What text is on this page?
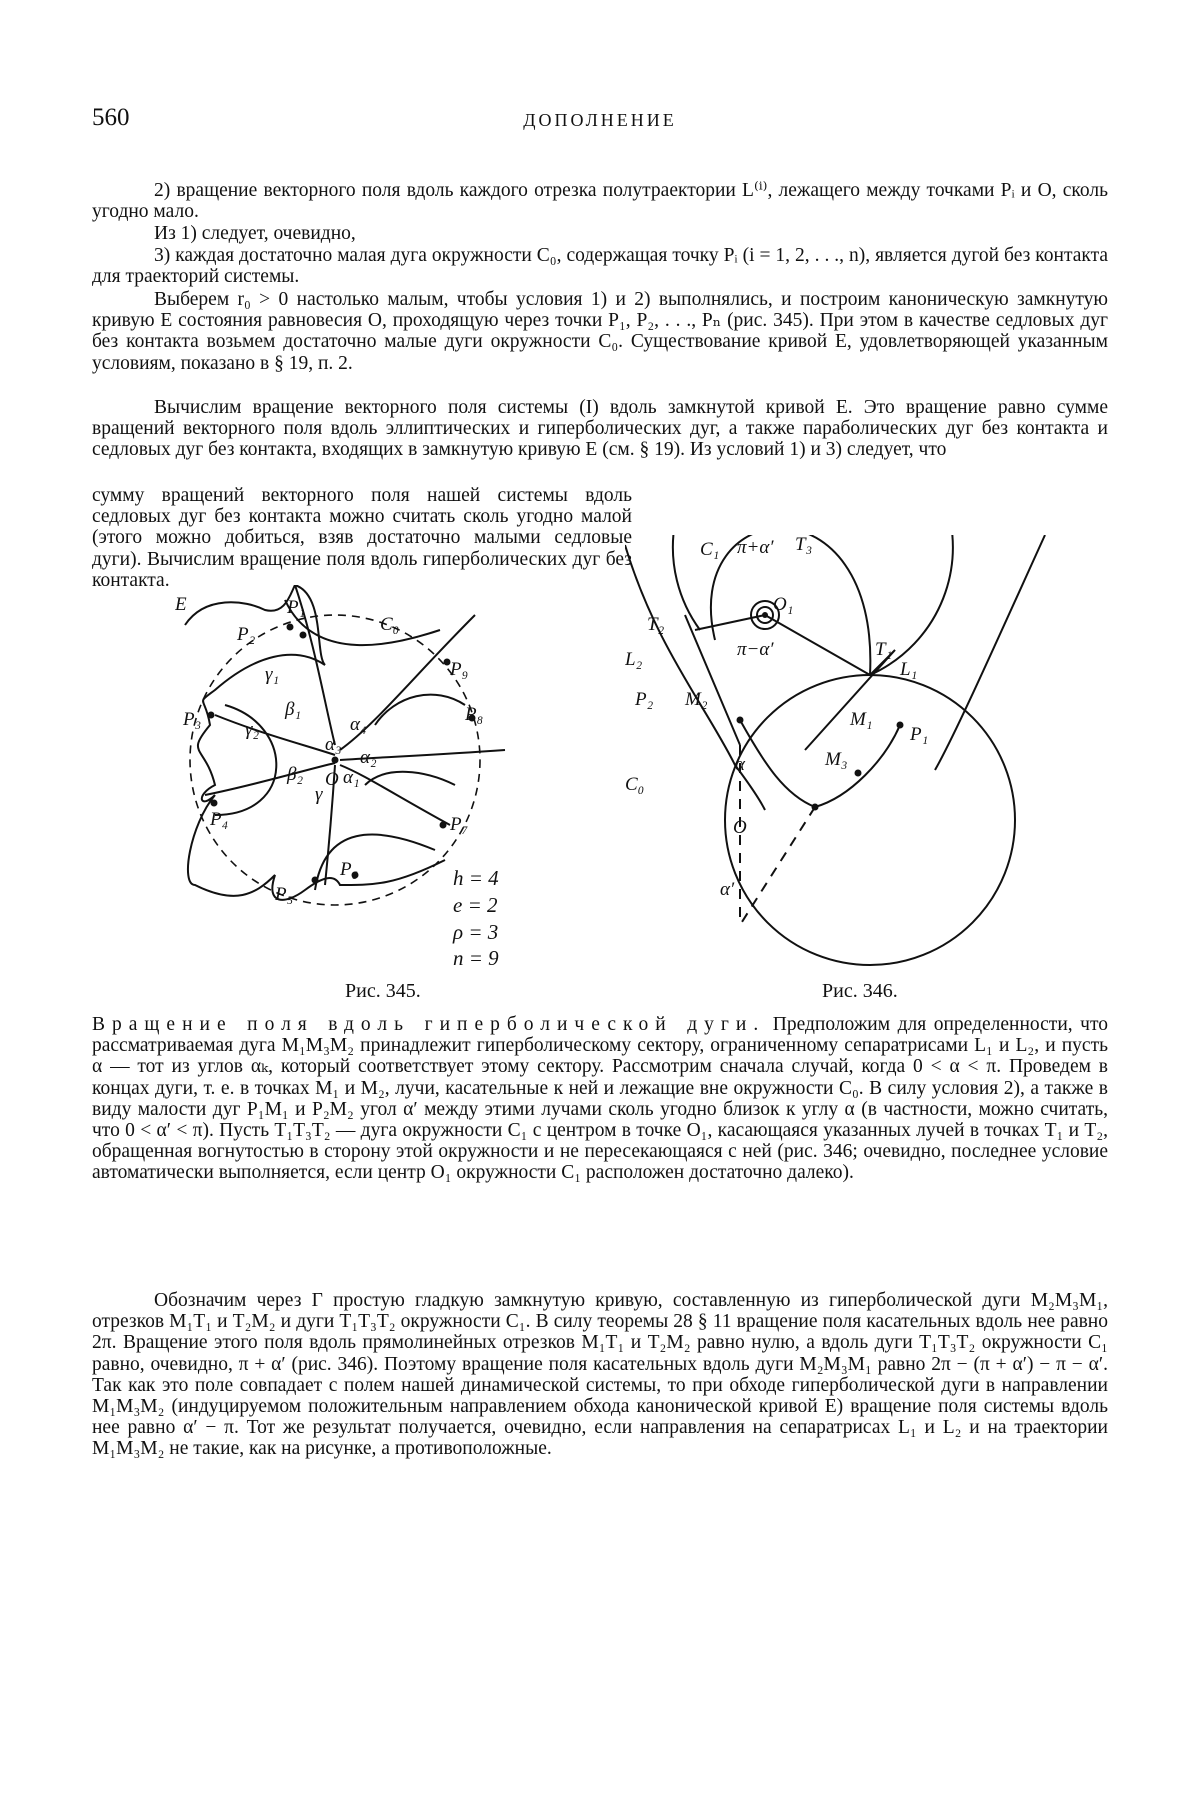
560	ДОПОЛНЕНИЕ

2) вращение векторного поля вдоль каждого отрезка полутраектории L⁽ⁱ⁾, лежащего между точками Pᵢ и O, сколь угодно мало.

Из 1) следует, очевидно,

3) каждая достаточно малая дуга окружности C₀, содержащая точку Pᵢ (i = 1, 2, . . ., n), является дугой без контакта для траекторий системы.

Выберем r₀ > 0 настолько малым, чтобы условия 1) и 2) выполнялись, и построим каноническую замкнутую кривую E состояния равновесия O, проходящую через точки P₁, P₂, . . ., Pₙ (рис. 345). При этом в качестве седловых дуг без контакта возьмем достаточно малые дуги окружности C₀. Существование кривой E, удовлетворяющей указанным условиям, показано в § 19, п. 2.

Вычислим вращение векторного поля системы (I) вдоль замкнутой кривой E. Это вращение равно сумме вращений векторного поля вдоль эллиптических и гиперболических дуг, а также параболических дуг без контакта и седловых дуг без контакта, входящих в замкнутую кривую E (см. § 19). Из условий 1) и 3) следует, что

сумму вращений векторного поля нашей системы вдоль седловых дуг без контакта можно считать сколь угодно малой (этого можно добиться, взяв достаточно малыми седловые дуги). Вычислим вращение поля вдоль гиперболических дуг без контакта.

E
C₀
P₁
P₂
P₃
P₄
P₅
P₆
P₇
P₈
P₉
O
γ₁
γ₂
β₁
β₂ α₁
α₂
α₃
α₄
γ
h = 4
e = 2
ρ = 3
n = 9
Рис. 345.
C₁	T₃
T₂
T₁
O₁
π+α′
π−α′
L₂	L₁
P₂
P₁
M₂
M₁
M₃
α
C₀
O
α′
Рис. 346.

Вращение поля вдоль гиперболической дуги. Предположим для определенности, что рассматриваемая дуга M₁M₃M₂ принадлежит гиперболическому сектору, ограниченному сепаратрисами L₁ и L₂, и пусть α — тот из углов αₖ, который соответствует этому сектору. Рассмотрим сначала случай, когда 0 < α < π. Проведем в концах дуги, т. е. в точках M₁ и M₂, лучи, касательные к ней и лежащие вне окружности C₀. В силу условия 2), а также в виду малости дуг P₁M₁ и P₂M₂ угол α′ между этими лучами сколь угодно близок к углу α (в частности, можно считать, что 0 < α′ < π). Пусть T₁T₃T₂ — дуга окружности C₁ с центром в точке O₁, касающаяся указанных лучей в точках T₁ и T₂, обращенная вогнутостью в сторону этой окружности и не пересекающаяся с ней (рис. 346; очевидно, последнее условие автоматически выполняется, если центр O₁ окружности C₁ расположен достаточно далеко).

Обозначим через Γ простую гладкую замкнутую кривую, составленную из гиперболической дуги M₂M₃M₁, отрезков M₁T₁ и T₂M₂ и дуги T₁T₃T₂ окружности C₁. В силу теоремы 28 § 11 вращение поля касательных вдоль нее равно 2π. Вращение этого поля вдоль прямолинейных отрезков M₁T₁ и T₂M₂ равно нулю, а вдоль дуги T₁T₃T₂ окружности C₁ равно, очевидно, π + α′ (рис. 346). Поэтому вращение поля касательных вдоль дуги M₂M₃M₁ равно 2π − (π + α′) − π − α′. Так как это поле совпадает с полем нашей динамической системы, то при обходе гиперболической дуги в направлении M₁M₃M₂ (индуцируемом положительным направлением обхода канонической кривой E) вращение поля системы вдоль нее равно α′ − π. Тот же результат получается, очевидно, если направления на сепаратрисах L₁ и L₂ и на траектории M₁M₃M₂ не такие, как на рисунке, а противоположные.
